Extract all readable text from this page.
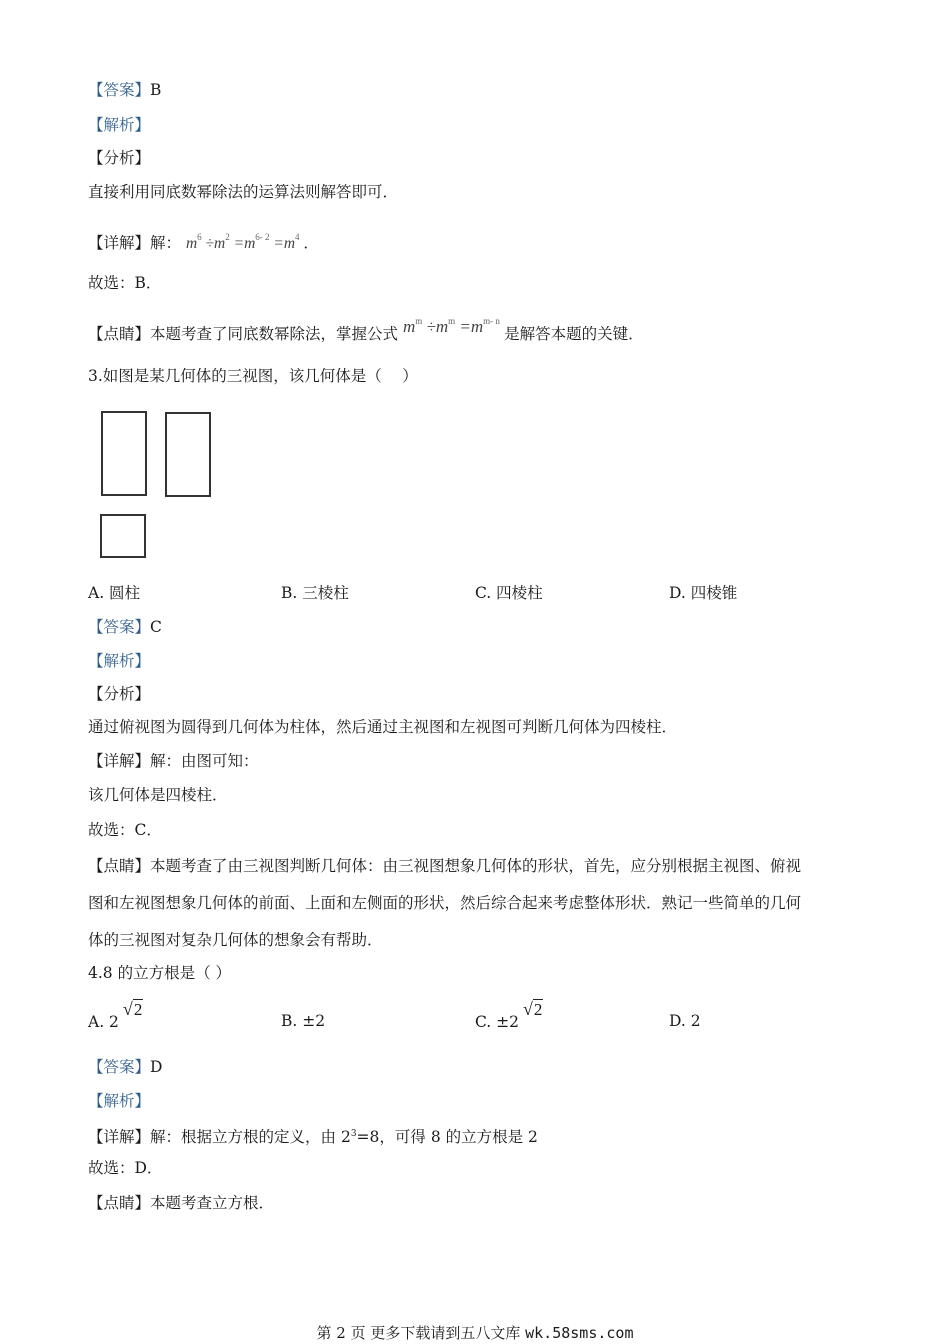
【答案】B
【解析】
【分析】
直接利用同底数幂除法的运算法则解答即可．
【详解】解： $m^6 \div m^2 =m^{6- 2} =m^4$ ．
故选：B．
【点睛】本题考查了同底数幂除法，掌握公式 $m^m \div m^m =m^{m- n}$ 是解答本题的关键．
3.如图是某几何体的三视图，该几何体是（　 ）
A. 圆柱	B. 三棱柱	C. 四棱柱	D. 四棱锥
【答案】C
【解析】
【分析】
通过俯视图为圆得到几何体为柱体，然后通过主视图和左视图可判断几何体为四棱柱．
【详解】解：由图可知：
该几何体是四棱柱．
故选：C．
【点睛】本题考查了由三视图判断几何体：由三视图想象几何体的形状，首先，应分别根据主视图、俯视
图和左视图想象几何体的前面、上面和左侧面的形状，然后综合起来考虑整体形状．熟记一些简单的几何
体的三视图对复杂几何体的想象会有帮助．
4.8 的立方根是（ ）
A. 2√2
B. ±2	C. ±2√2
D. 2
【答案】D
【解析】
【详解】解：根据立方根的定义，由 $2^3=8$，可得 8 的立方根是 2
故选：D．
【点睛】本题考查立方根．
第 2 页 更多下载请到五八文库 wk.58sms.com
